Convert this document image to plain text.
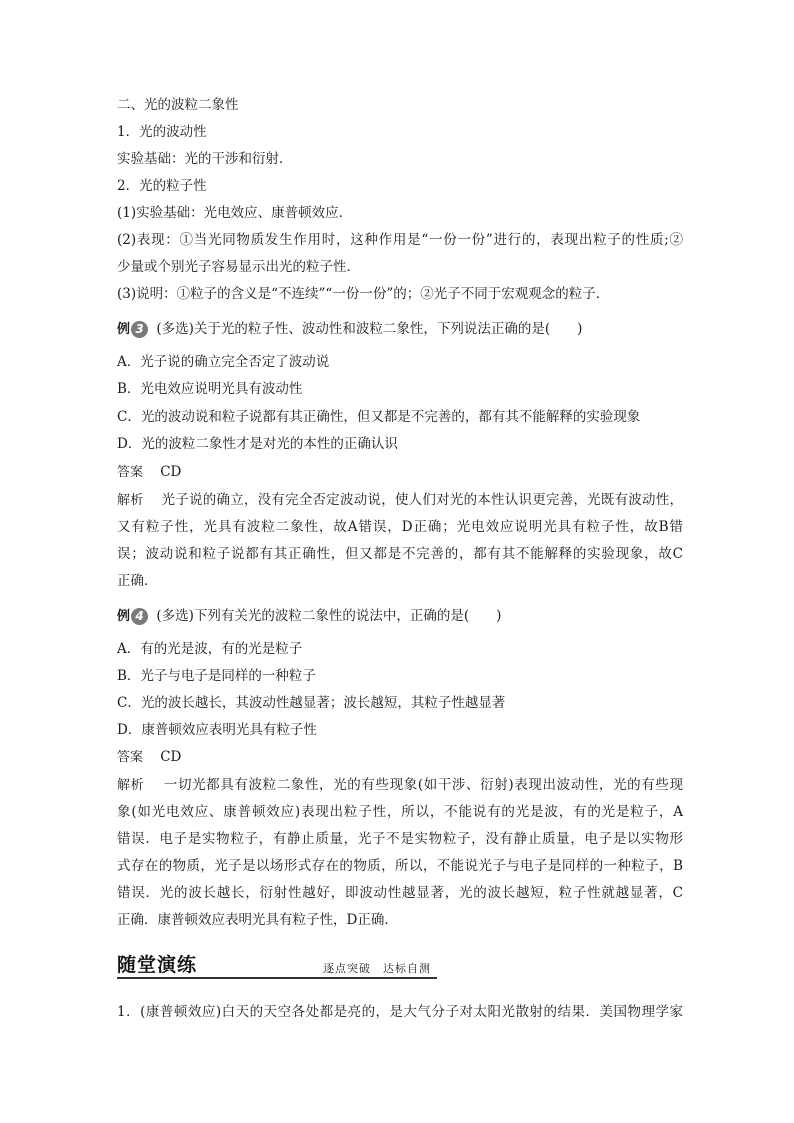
二、光的波粒二象性
1．光的波动性
实验基础：光的干涉和衍射．
2．光的粒子性
(1)实验基础：光电效应、康普顿效应．
(2)表现：①当光同物质发生作用时，这种作用是“一份一份”进行的，表现出粒子的性质;②
少量或个别光子容易显示出光的粒子性．
(3)说明：①粒子的含义是“不连续”“一份一份”的；②光子不同于宏观观念的粒子．
例 3 (多选)关于光的粒子性、波动性和波粒二象性，下列说法正确的是(　　)
A．光子说的确立完全否定了波动说
B．光电效应说明光具有波动性
C．光的波动说和粒子说都有其正确性，但又都是不完善的，都有其不能解释的实验现象
D．光的波粒二象性才是对光的本性的正确认识
答案 CD
解析 光子说的确立，没有完全否定波动说，使人们对光的本性认识更完善，光既有波动性，
又有粒子性，光具有波粒二象性，故A错误，D正确；光电效应说明光具有粒子性，故B错
误；波动说和粒子说都有其正确性，但又都是不完善的，都有其不能解释的实验现象，故C
正确．
例 4 (多选)下列有关光的波粒二象性的说法中，正确的是(　　)
A．有的光是波，有的光是粒子
B．光子与电子是同样的一种粒子
C．光的波长越长，其波动性越显著；波长越短，其粒子性越显著
D．康普顿效应表明光具有粒子性
答案 CD
解析 一切光都具有波粒二象性，光的有些现象(如干涉、衍射)表现出波动性，光的有些现
象(如光电效应、康普顿效应)表现出粒子性，所以，不能说有的光是波，有的光是粒子，A
错误．电子是实物粒子，有静止质量，光子不是实物粒子，没有静止质量，电子是以实物形
式存在的物质，光子是以场形式存在的物质，所以，不能说光子与电子是同样的一种粒子，B
错误．光的波长越长，衍射性越好，即波动性越显著，光的波长越短，粒子性就越显著，C
正确．康普顿效应表明光具有粒子性，D正确．
随堂演练	逐点突破　达标自测
1．(康普顿效应)白天的天空各处都是亮的，是大气分子对太阳光散射的结果．美国物理学家
